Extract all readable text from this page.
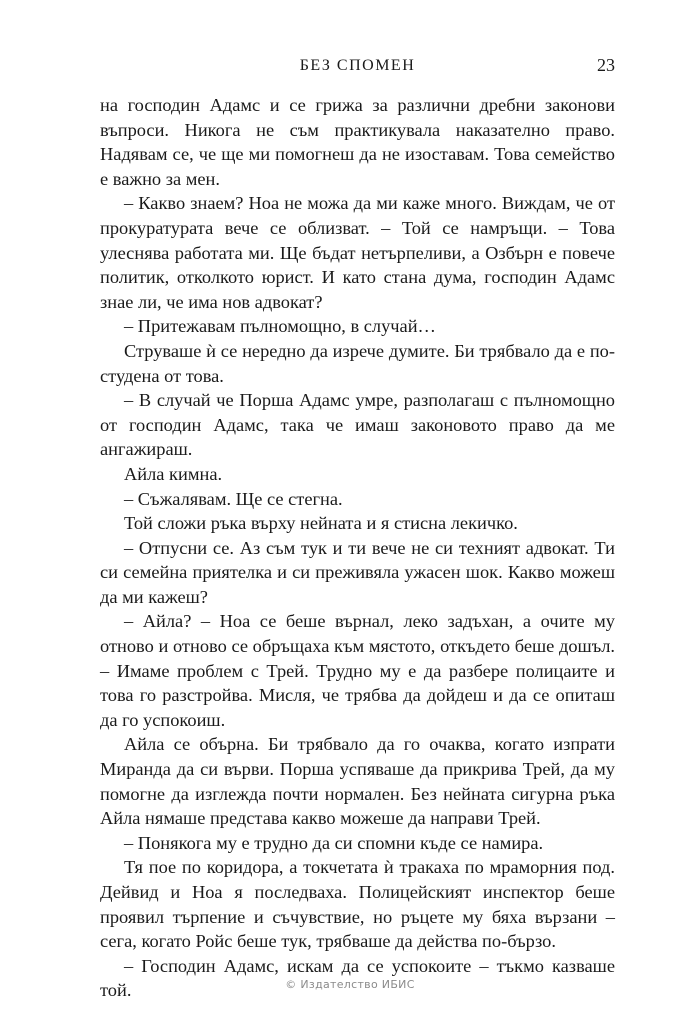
БЕЗ СПОМЕН	23

на господин Адамс и се грижа за различни дребни законови въпроси. Никога не съм практикувала наказателно право. Надявам се, че ще ми помогнеш да не изоставам. Това семейство е важно за мен.

– Какво знаем? Ноа не можа да ми каже много. Виждам, че от прокуратурата вече се облизват. – Той се намръщи. – Това улеснява работата ми. Ще бъдат нетърпеливи, а Озбърн е повече политик, отколкото юрист. И като стана дума, господин Адамс знае ли, че има нов адвокат?

– Притежавам пълномощно, в случай…

Струваше ѝ се нередно да изрече думите. Би трябвало да е по-студена от това.

– В случай че Порша Адамс умре, разполагаш с пълномощно от господин Адамс, така че имаш законовото право да ме ангажираш.

Айла кимна.

– Съжалявам. Ще се стегна.

Той сложи ръка върху нейната и я стисна лекичко.

– Отпусни се. Аз съм тук и ти вече не си техният адвокат. Ти си семейна приятелка и си преживяла ужасен шок. Какво можеш да ми кажеш?

– Айла? – Ноа се беше върнал, леко задъхан, а очите му отново и отново се обръщаха към мястото, откъдето беше дошъл. – Имаме проблем с Трей. Трудно му е да разбере полицаите и това го разстройва. Мисля, че трябва да дойдеш и да се опиташ да го успокоиш.

Айла се обърна. Би трябвало да го очаква, когато изпрати Миранда да си върви. Порша успяваше да прикрива Трей, да му помогне да изглежда почти нормален. Без нейната сигурна ръка Айла нямаше представа какво можеше да направи Трей.

– Понякога му е трудно да си спомни къде се намира.

Тя пое по коридора, а токчетата ѝ тракаха по мраморния под. Дейвид и Ноа я последваха. Полицейският инспектор беше проявил търпение и съчувствие, но ръцете му бяха вързани – сега, когато Ройс беше тук, трябваше да действа по-бързо.

– Господин Адамс, искам да се успокоите – тъкмо казваше той.	© Издателство ИБИС
